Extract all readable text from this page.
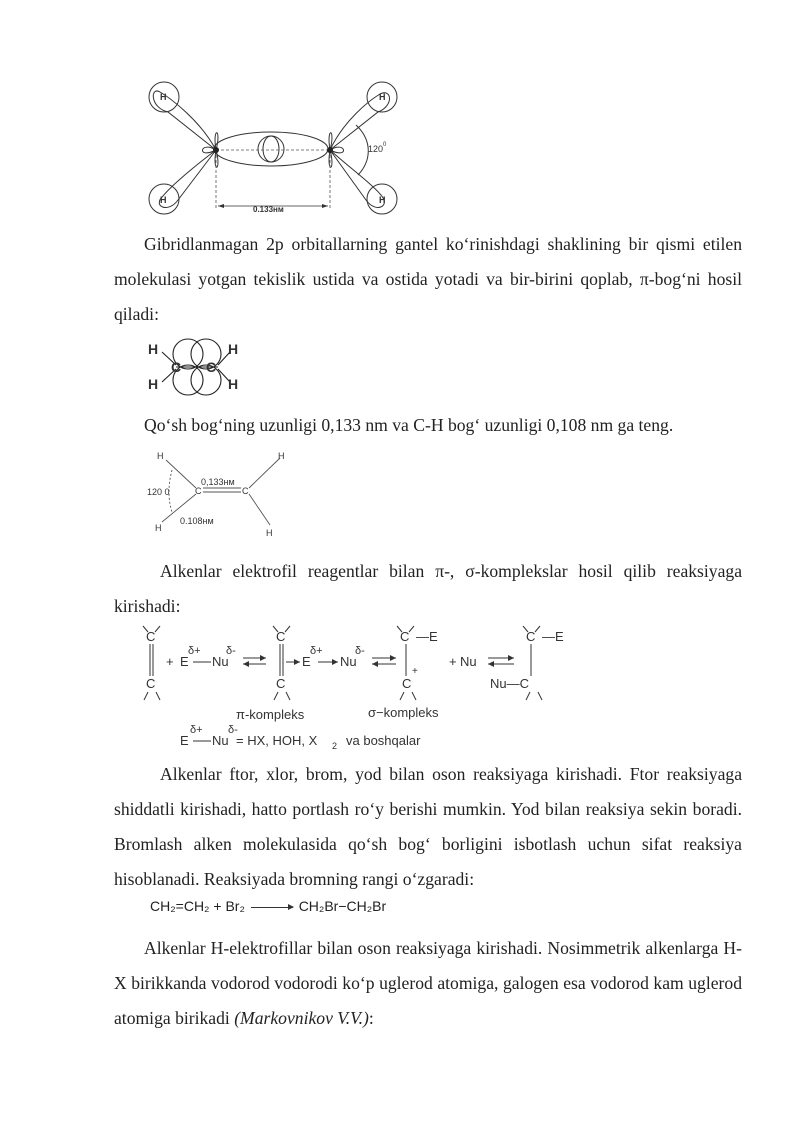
H
H
H
H
120 0
0.133нм
Gibridlanmagan 2p orbitallarning gantel ko‘rinishdagi shaklining bir qismi etilen molekulasi yotgan tekislik ustida va ostida yotadi va bir-birini qoplab, π-bog‘ni hosil qiladi:
H
H
H
H
C C
Qo‘sh bog‘ning uzunligi 0,133 nm va C-H bog‘ uzunligi 0,108 nm ga teng.
H
H
H
H
C	C
0,133нм
0.108нм
120 0
Alkenlar elektrofil reagentlar bilan π-, σ-komplekslar hosil qilib reaksiyaga kirishadi:
C
C
+ E Nu
δ+ δ-
C
C
E Nu
δ+	δ-
π-kompleks
C —E
C
+
+ Nu
σ−kompleks
C —E
Nu—C
E Nu
δ+ δ-
= HX, HOH, X 2 va boshqalar
Alkenlar ftor, xlor, brom, yod bilan oson reaksiyaga kirishadi. Ftor reaksiyaga shiddatli kirishadi, hatto portlash ro‘y berishi mumkin. Yod bilan reaksiya sekin boradi. Bromlash alken molekulasida qo‘sh bog‘ borligini isbotlash uchun sifat reaksiya hisoblanadi. Reaksiyada bromning rangi o‘zgaradi:
CH₂=CH₂ + Br₂	CH₂Br−CH₂Br
Alkenlar H-elektrofillar bilan oson reaksiyaga kirishadi. Nosimmetrik alkenlarga H-X birikkanda vodorod vodorodi ko‘p uglerod atomiga, galogen esa vodorod kam uglerod atomiga birikadi (Markovnikov V.V.):
